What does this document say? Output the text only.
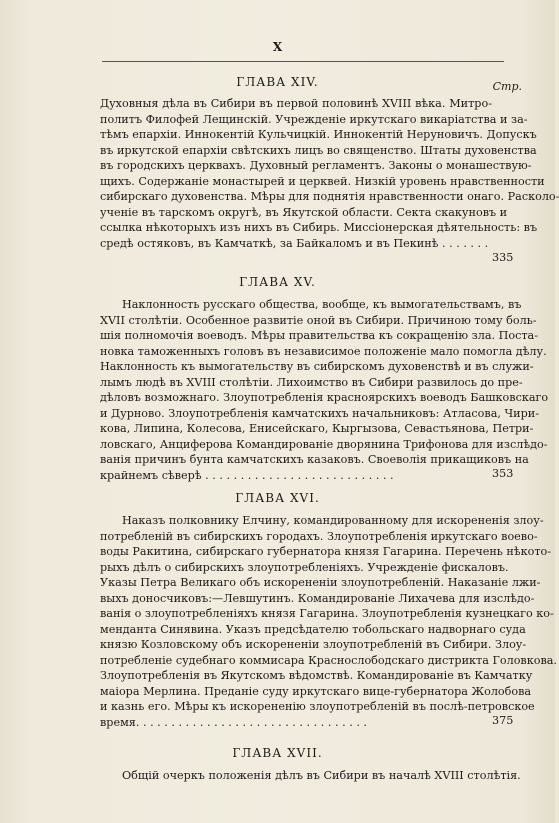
X
Стр.
ГЛАВА XIV.
Духовныя дѣла въ Сибири въ первой половинѣ XVIII вѣка. Митро-
политъ Филофей Лещинскій. Учрежденіе иркутскаго викаріатства и за-
тѣмъ епархіи. Иннокентій Кульчицкій. Иннокентій Неруновичъ. Допускъ
въ иркутской епархіи свѣтскихъ лицъ во священство. Штаты духовенства
въ городскихъ церквахъ. Духовный регламентъ. Законы о монашествую-
щихъ. Содержаніе монастырей и церквей. Низкій уровень нравственности
сибирскаго духовенства. Мѣры для поднятія нравственности онаго. Расколо-
ученіе въ тарскомъ округѣ, въ Якутской области. Секта скакуновъ и
ссылка нѣкоторыхъ изъ нихъ въ Сибирь. Миссіонерская дѣятельность: въ
средѣ остяковъ, въ Камчаткѣ, за Байкаломъ и въ Пекинѣ . . . . . . .
335
ГЛАВА XV.
Наклонность русскаго общества, вообще, къ вымогательствамъ, въ
XVII столѣтіи. Особенное развитіе оной въ Сибири. Причиною тому боль-
шія полномочія воеводъ. Мѣры правительства къ сокращенію зла. Поста-
новка таможенныхъ головъ въ независимое положеніе мало помогла дѣлу.
Наклонность къ вымогательству въ сибирскомъ духовенствѣ и въ служи-
лымъ людѣ въ XVIII столѣтіи. Лихоимство въ Сибири развилось до пре-
дѣловъ возможнаго. Злоупотребленія красноярскихъ воеводъ Башковскаго
и Дурново. Злоупотребленія камчатскихъ начальниковъ: Атласова, Чири-
кова, Липина, Колесова, Енисейскаго, Кыргызова, Севастьянова, Петри-
ловскаго, Анциферова Командированіе дворянина Трифонова для изслѣдо-
ванія причинъ бунта камчатскихъ казаковъ. Своеволія прикащиковъ на
крайнемъ сѣверѣ . . . . . . . . . . . . . . . . . . . . . . . . . . .	353
ГЛАВА XVI.
Наказъ полковнику Елчину, командированному для искорененія злоу-
потребленій въ сибирскихъ городахъ. Злоупотребленія иркутскаго воево-
воды Ракитина, сибирскаго губернатора князя Гагарина. Перечень нѣкото-
рыхъ дѣлъ о сибирскихъ злоупотребленіяхъ. Учрежденіе фискаловъ.
Указы Петра Великаго объ искорененіи злоупотребленій. Наказаніе лжи-
выхъ доносчиковъ:—Левшутинъ. Командированіе Лихачева для изслѣдо-
ванія о злоупотребленіяхъ князя Гагарина. Злоупотребленія кузнецкаго ко-
менданта Синявина. Указъ предсѣдателю тобольскаго надворнаго суда
князю Козловскому объ искорененіи злоупотребленій въ Сибири. Злоу-
потребленіе судебнаго коммисара Краснослободскаго дистрикта Головкова.
Злоупотребленія въ Якутскомъ вѣдомствѣ. Командированіе въ Камчатку
маіора Мерлина. Преданіе суду иркутскаго вице-губернатора Жолобова
и казнь его. Мѣры къ искорененію злоупотребленій въ послѣ-петровское
время. . . . . . . . . . . . . . . . . . . . . . . . . . . . . . . . .	375
ГЛАВА XVII.
Общій очеркъ положенія дѣлъ въ Сибири въ началѣ XVIII столѣтія.
